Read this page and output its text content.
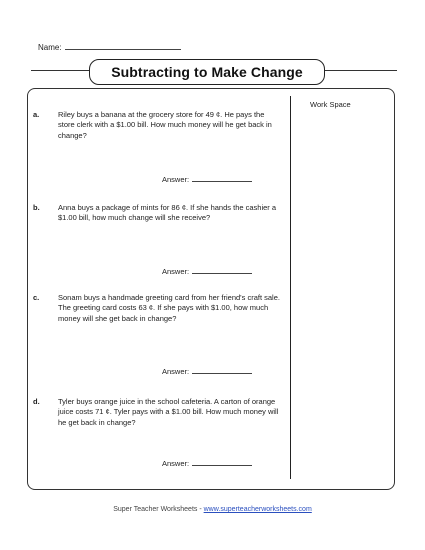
Name:
Subtracting to Make Change
Work Space
a. Riley buys a banana at the grocery store for 49 ¢. He pays the store clerk with a $1.00 bill. How much money will he get back in change?
Answer:
b. Anna buys a package of mints for 86 ¢. If she hands the cashier a $1.00 bill, how much change will she receive?
Answer:
c. Sonam buys a handmade greeting card from her friend's craft sale. The greeting card costs 63 ¢. If she pays with $1.00, how much money will she get back in change?
Answer:
d. Tyler buys orange juice in the school cafeteria. A carton of orange juice costs 71 ¢. Tyler pays with a $1.00 bill. How much money will he get back in change?
Answer:
Super Teacher Worksheets - www.superteacherworksheets.com
